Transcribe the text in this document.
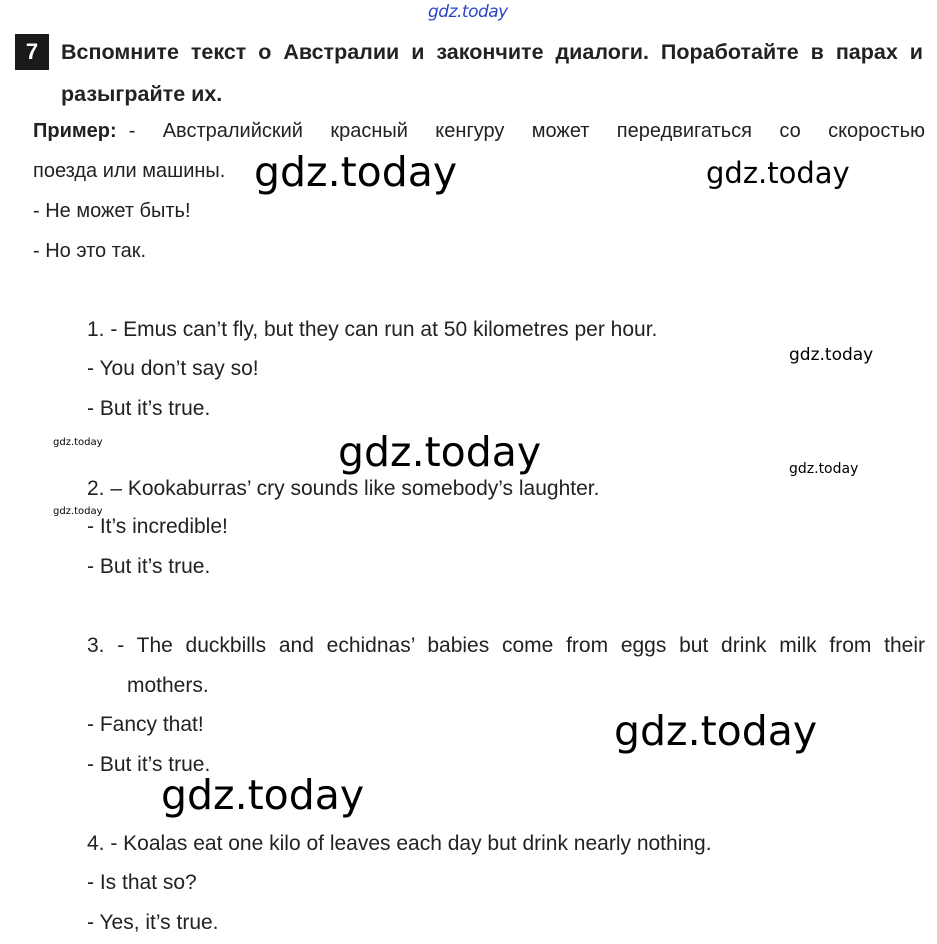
gdz.today
gdz.today	gdz.today
gdz.today
gdz.today	gdz.today	gdz.today
gdz.today
gdz.today
gdz.today
7	Вспомните текст о Австралии и закончите диалоги. Поработайте в парах и
разыграйте их.
Пример: - Австралийский красный кенгуру может передвигаться со скоростью
поезда или машины.
- Не может быть!
- Но это так.
1. - Emus can’t fly, but they can run at 50 kilometres per hour.
- You don’t say so!
- But it’s true.
2. – Kookaburras’ cry sounds like somebody’s laughter.
- It’s incredible!
- But it’s true.
3. - The duckbills and echidnas’ babies come from eggs but drink milk from their
mothers.
- Fancy that!
- But it’s true.
4. - Koalas eat one kilo of leaves each day but drink nearly nothing.
- Is that so?
- Yes, it’s true.
